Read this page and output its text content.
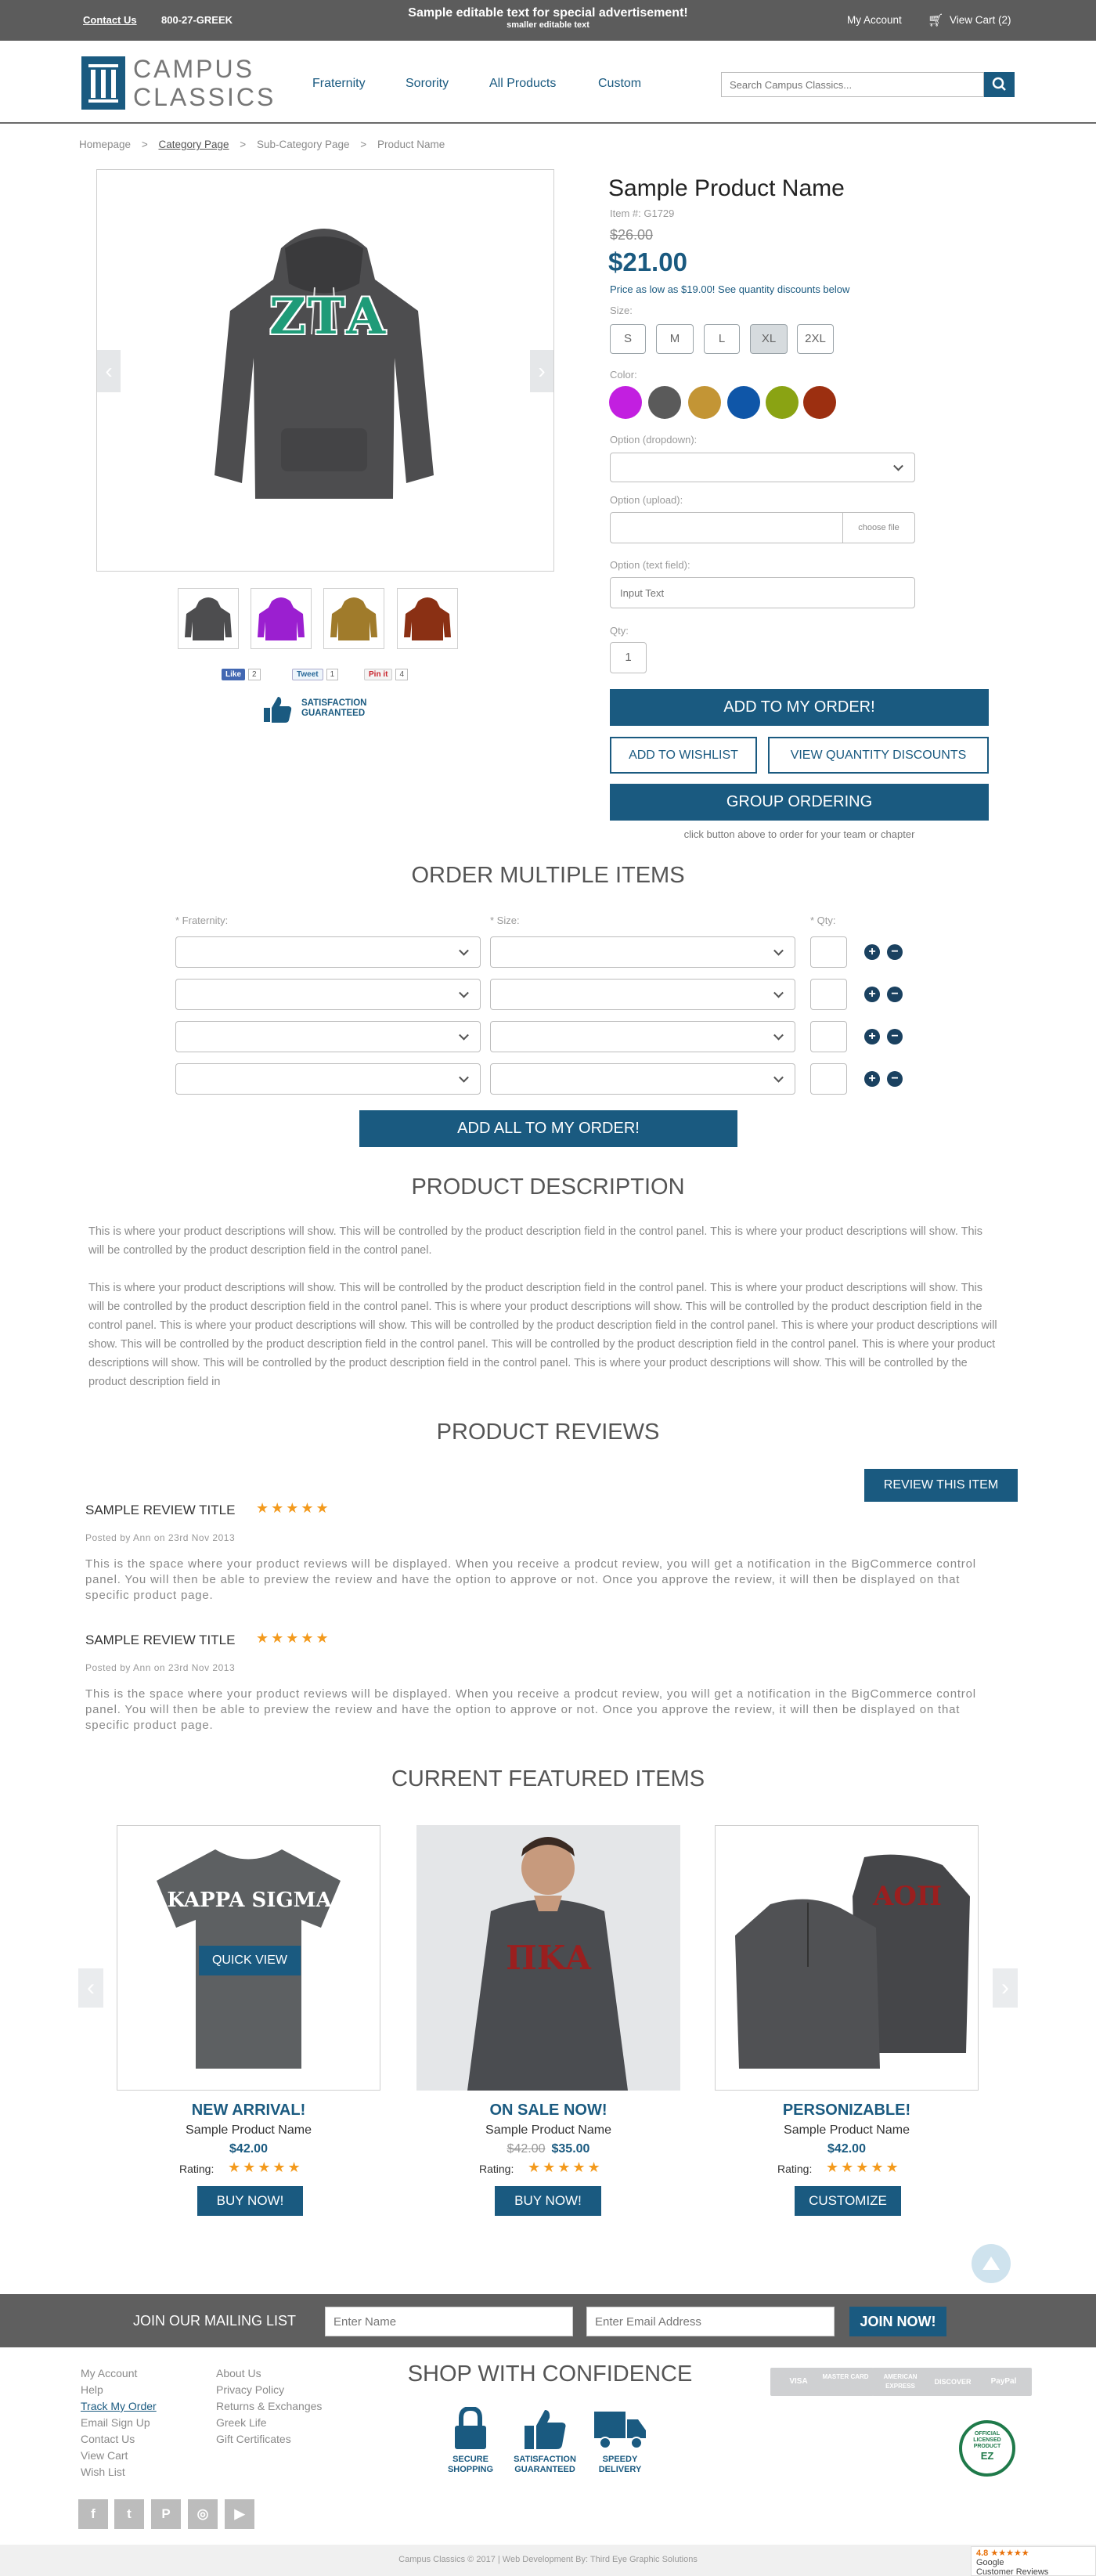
Contact Us 800-27-GREEK
Sample editable text for special advertisement!
smaller editable text	My Account 🛒︎ View Cart (2)
CAMPUS
CLASSICS	Fraternity	Sorority	All Products	Custom
Search Campus Classics...
Homepage > Category Page > Sub-Category Page > Product Name
ΖΤΑ
‹	›
Like	2	Tweet	1	Pin it	4
SATISFACTION
GUARANTEED
Sample Product Name
Item #: G1729
$26.00
$21.00
Price as low as $19.00! See quantity discounts below
Size:
S	M	L	XL	2XL
Color:
Option (dropdown):
Option (upload):
choose file
Option (text field):
Input Text
Qty:
1
ADD TO MY ORDER!
ADD TO WISHLIST	VIEW QUANTITY DISCOUNTS
GROUP ORDERING
click button above to order for your team or chapter
ORDER MULTIPLE ITEMS
* Fraternity:	* Size:	* Qty:
+	−
+	−
+	−
+	−
ADD ALL TO MY ORDER!
PRODUCT DESCRIPTION

This is where your product descriptions will show. This will be controlled by the product description field in the control panel. This is where your product descriptions will show. This will be controlled by the product description field in the control panel.

This is where your product descriptions will show. This will be controlled by the product description field in the control panel. This is where your product descriptions will show. This will be controlled by the product description field in the control panel. This is where your product descriptions will show. This will be controlled by the product description field in the control panel. This is where your product descriptions will show. This will be controlled by the product description field in the control panel. This is where your product descriptions will show. This will be controlled by the product description field in the control panel. This will be controlled by the product description field in the control panel. This is where your product descriptions will show. This will be controlled by the product description field in the control panel. This is where your product descriptions will show. This will be controlled by the product description field in

PRODUCT REVIEWS
REVIEW THIS ITEM
SAMPLE REVIEW TITLE ★★★★★
Posted by Ann on 23rd Nov 2013

This is the space where your product reviews will be displayed. When you receive a prodcut review, you will get a notification in the BigCommerce control panel. You will then be able to preview the review and have the option to approve or not. Once you approve the review, it will then be displayed on that specific product page.

SAMPLE REVIEW TITLE ★★★★★
Posted by Ann on 23rd Nov 2013

This is the space where your product reviews will be displayed. When you receive a prodcut review, you will get a notification in the BigCommerce control panel. You will then be able to preview the review and have the option to approve or not. Once you approve the review, it will then be displayed on that specific product page.

CURRENT FEATURED ITEMS
‹	›
KAPPA SIGMA
QUICK VIEW
NEW ARRIVAL!
Sample Product Name
$42.00
Rating: ★★★★★
BUY NOW!
ΠΚΑ
ON SALE NOW!
Sample Product Name
$42.00 $35.00
Rating: ★★★★★
BUY NOW!
ΑΟΠ
PERSONIZABLE!
Sample Product Name
$42.00
Rating: ★★★★★
CUSTOMIZE
JOIN OUR MAILING LIST
Enter Name
Enter Email Address	JOIN NOW!
My Account
Help
Track My Order
Email Sign Up
Contact Us
View Cart
Wish List
About Us
Privacy Policy
Returns & Exchanges
Greek Life
Gift Certificates
SHOP WITH CONFIDENCE
SECURE
SHOPPING
SATISFACTION
GUARANTEED
SPEEDY
DELIVERY
VISA
MASTER CARD	AMERICAN EXPRESS
DISCOVER	PayPal
OFFICIAL
LICENSED
PRODUCT
EZ
f	t	P	◎	▶
Campus Classics © 2017 | Web Development By: Third Eye Graphic Solutions
4.8 ★★★★★
Google
Customer Reviews
